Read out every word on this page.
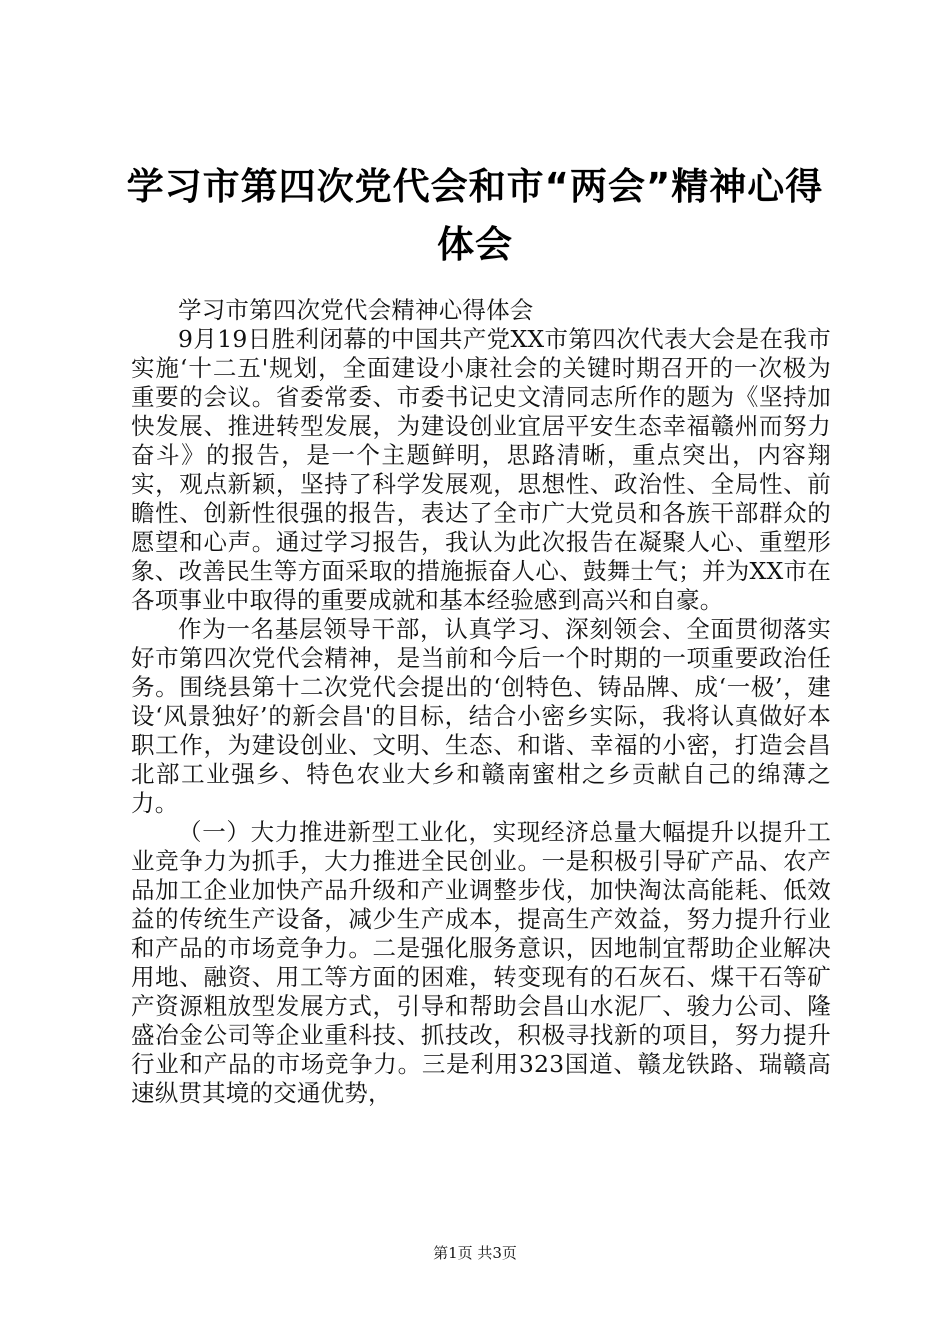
学习市第四次党代会和市“两会”精神心得体会

学习市第四次党代会精神心得体会

9月19日胜利闭幕的中国共产党XX市第四次代表大会是在我市实施‘十二五'规划，全面建设小康社会的关键时期召开的一次极为重要的会议。省委常委、市委书记史文清同志所作的题为《坚持加快发展、推进转型发展，为建设创业宜居平安生态幸福赣州而努力奋斗》的报告，是一个主题鲜明，思路清晰，重点突出，内容翔实，观点新颖，坚持了科学发展观，思想性、政治性、全局性、前瞻性、创新性很强的报告，表达了全市广大党员和各族干部群众的愿望和心声。通过学习报告，我认为此次报告在凝聚人心、重塑形象、改善民生等方面采取的措施振奋人心、鼓舞士气；并为XX市在各项事业中取得的重要成就和基本经验感到高兴和自豪。

作为一名基层领导干部，认真学习、深刻领会、全面贯彻落实好市第四次党代会精神，是当前和今后一个时期的一项重要政治任务。围绕县第十二次党代会提出的‘创特色、铸品牌、成‘一极’，建设‘风景独好’的新会昌'的目标，结合小密乡实际，我将认真做好本职工作，为建设创业、文明、生态、和谐、幸福的小密，打造会昌北部工业强乡、特色农业大乡和赣南蜜柑之乡贡献自己的绵薄之力。

（一）大力推进新型工业化，实现经济总量大幅提升以提升工业竞争力为抓手，大力推进全民创业。一是积极引导矿产品、农产品加工企业加快产品升级和产业调整步伐，加快淘汰高能耗、低效益的传统生产设备，减少生产成本，提高生产效益，努力提升行业和产品的市场竞争力。二是强化服务意识，因地制宜帮助企业解决用地、融资、用工等方面的困难，转变现有的石灰石、煤干石等矿产资源粗放型发展方式，引导和帮助会昌山水泥厂、骏力公司、隆盛冶金公司等企业重科技、抓技改，积极寻找新的项目，努力提升行业和产品的市场竞争力。三是利用323国道、赣龙铁路、瑞赣高速纵贯其境的交通优势，

第1页 共3页
